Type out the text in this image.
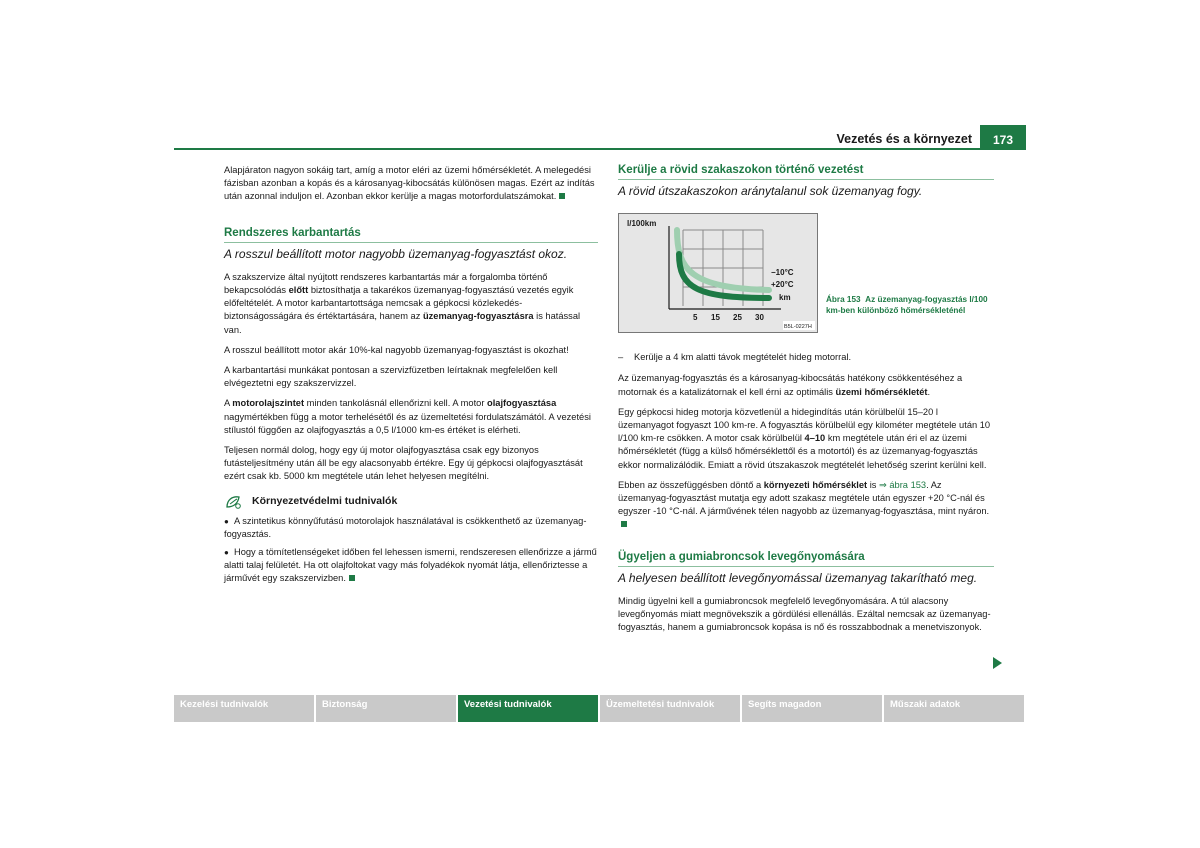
Vezetés és a környezet	173

Alapjáraton nagyon sokáig tart, amíg a motor eléri az üzemi hőmérsékletét. A melegedési fázisban azonban a kopás és a károsanyag-kibocsátás különösen magas. Ezért az indítás után azonnal induljon el. Azonban ekkor kerülje a magas motorfordulatszámokat.

Rendszeres karbantartás
A rosszul beállított motor nagyobb üzemanyag-fogyasztást okoz.

A szakszervize által nyújtott rendszeres karbantartás már a forgalomba történő bekapcsolódás előtt biztosíthatja a takarékos üzemanyag-fogyasztású vezetés egyik előfeltételét. A motor karbantartottsága nemcsak a gépkocsi közlekedés-biztonságosságára és értéktartására, hanem az üzemanyag-fogyasztásra is hatással van.

A rosszul beállított motor akár 10%-kal nagyobb üzemanyag-fogyasztást is okozhat!

A karbantartási munkákat pontosan a szervizfüzetben leírtaknak megfelelően kell elvégeztetni egy szakszervizzel.

A motorolajszintet minden tankolásnál ellenőrizni kell. A motor olajfogyasztása nagymértékben függ a motor terhelésétől és az üzemeltetési fordulatszámától. A vezetési stílustól függően az olajfogyasztás a 0,5 l/1000 km-es értéket is elérheti.

Teljesen normál dolog, hogy egy új motor olajfogyasztása csak egy bizonyos futásteljesítmény után áll be egy alacsonyabb értékre. Egy új gépkocsi olajfogyasztását ezért csak kb. 5000 km megtétele után lehet helyesen megítélni.

Környezetvédelmi tudnivalók

● A szintetikus könnyűfutású motorolajok használatával is csökkenthető az üzemanyag-fogyasztás.

● Hogy a tömítetlenségeket időben fel lehessen ismerni, rendszeresen ellenőrizze a jármű alatti talaj felületét. Ha ott olajfoltokat vagy más folyadékok nyomát látja, ellenőriztesse a járművét egy szakszervizben.

Kerülje a rövid szakaszokon történő vezetést
A rövid útszakaszokon aránytalanul sok üzemanyag fogy.
l/100km
−10°C
+20°C
km
5 15 25 30
B5L-0227H
Ábra 153 Az üzemanyag-fogyasztás l/100 km-ben különböző hőmérsékleténél

– Kerülje a 4 km alatti távok megtételét hideg motorral.

Az üzemanyag-fogyasztás és a károsanyag-kibocsátás hatékony csökkentéséhez a motornak és a katalizátornak el kell érni az optimális üzemi hőmérsékletét.

Egy gépkocsi hideg motorja közvetlenül a hidegindítás után körülbelül 15–20 l üzemanyagot fogyaszt 100 km-re. A fogyasztás körülbelül egy kilométer megtétele után 10 l/100 km-re csökken. A motor csak körülbelül 4–10 km megtétele után éri el az üzemi hőmérsékletét (függ a külső hőmérséklettől és a motortól) és az üzemanyag-fogyasztás ekkor normalizálódik. Emiatt a rövid útszakaszok megtételét lehetőség szerint kerülni kell.

Ebben az összefüggésben döntő a környezeti hőmérséklet is ⇒ ábra 153. Az üzemanyag-fogyasztást mutatja egy adott szakasz megtétele után egyszer +20 °C-nál és egyszer -10 °C-nál. A járművének télen nagyobb az üzemanyag-fogyasztása, mint nyáron.

Ügyeljen a gumiabroncsok levegőnyomására
A helyesen beállított levegőnyomással üzemanyag takarítható meg.

Mindig ügyelni kell a gumiabroncsok megfelelő levegőnyomására. A túl alacsony levegőnyomás miatt megnövekszik a gördülési ellenállás. Ezáltal nemcsak az üzemanyag-fogyasztás, hanem a gumiabroncsok kopása is nő és rosszabbodnak a menetviszonyok.

Kezelési tudnivalók	Biztonság	Vezetési tudnivalók	Üzemeltetési tudnivalók	Segíts magadon	Műszaki adatok
